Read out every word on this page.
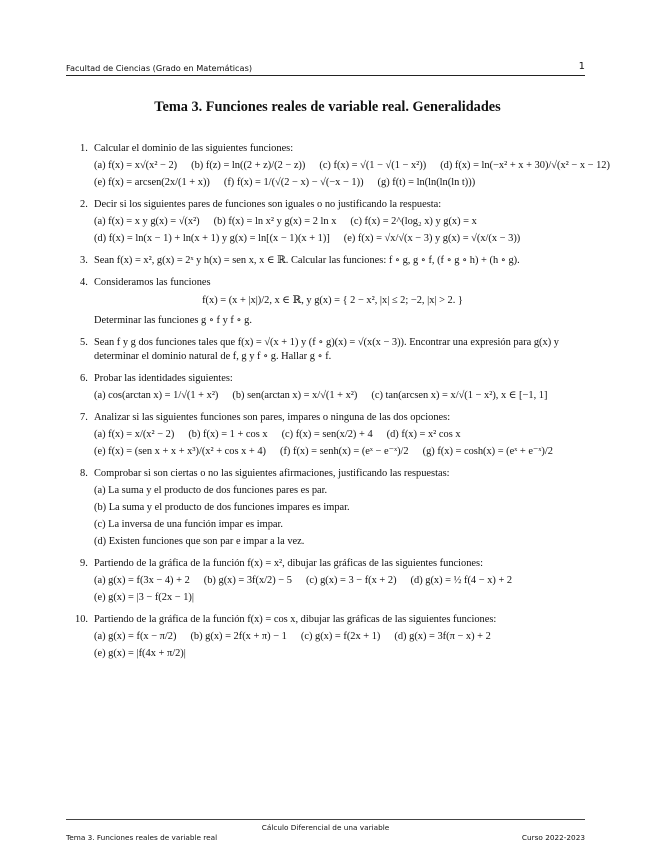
Facultad de Ciencias (Grado en Matemáticas)	1
Tema 3. Funciones reales de variable real. Generalidades
1. Calcular el dominio de las siguientes funciones:
(a) f(x) = x√(x² − 2) (b) f(z) = ln((2 + z)/(2 − z)) (c) f(x) = √(1 − √(1 − x²)) (d) f(x) = ln(−x² + x + 30)/√(x² − x − 12)
(e) f(x) = arcsen(2x/(1 + x)) (f) f(x) = 1/(√(2 − x) − √(−x − 1)) (g) f(t) = ln(ln(ln(ln t)))
2. Decir si los siguientes pares de funciones son iguales o no justificando la respuesta:
(a) f(x) = x y g(x) = √(x²) (b) f(x) = ln x² y g(x) = 2 ln x (c) f(x) = 2^(log₂ x) y g(x) = x
(d) f(x) = ln(x − 1) + ln(x + 1) y g(x) = ln[(x − 1)(x + 1)] (e) f(x) = √x/√(x − 3) y g(x) = √(x/(x − 3))
3. Sean f(x) = x², g(x) = 2ˣ y h(x) = sen x, x ∈ ℝ. Calcular las funciones: f ∘ g, g ∘ f, (f ∘ g ∘ h) + (h ∘ g).
4. Consideramos las funciones
f(x) = (x + |x|)/2, x ∈ ℝ, y g(x) = { 2 − x², |x| ≤ 2; −2, |x| > 2. }
Determinar las funciones g ∘ f y f ∘ g.
5. Sean f y g dos funciones tales que f(x) = √(x + 1) y (f ∘ g)(x) = √(x(x − 3)). Encontrar una expresión para g(x) y determinar el dominio natural de f, g y f ∘ g. Hallar g ∘ f.
6. Probar las identidades siguientes:
(a) cos(arctan x) = 1/√(1 + x²) (b) sen(arctan x) = x/√(1 + x²) (c) tan(arcsen x) = x/√(1 − x²), x ∈ [−1, 1]
7. Analizar si las siguientes funciones son pares, impares o ninguna de las dos opciones:
(a) f(x) = x/(x² − 2) (b) f(x) = 1 + cos x (c) f(x) = sen(x/2) + 4 (d) f(x) = x² cos x
(e) f(x) = (sen x + x + x³)/(x² + cos x + 4) (f) f(x) = senh(x) = (eˣ − e⁻ˣ)/2 (g) f(x) = cosh(x) = (eˣ + e⁻ˣ)/2
8. Comprobar si son ciertas o no las siguientes afirmaciones, justificando las respuestas:
(a) La suma y el producto de dos funciones pares es par.
(b) La suma y el producto de dos funciones impares es impar.
(c) La inversa de una función impar es impar.
(d) Existen funciones que son par e impar a la vez.
9. Partiendo de la gráfica de la función f(x) = x², dibujar las gráficas de las siguientes funciones:
(a) g(x) = f(3x − 4) + 2 (b) g(x) = 3f(x/2) − 5 (c) g(x) = 3 − f(x + 2) (d) g(x) = ½ f(4 − x) + 2
(e) g(x) = |3 − f(2x − 1)|
10. Partiendo de la gráfica de la función f(x) = cos x, dibujar las gráficas de las siguientes funciones:
(a) g(x) = f(x − π/2) (b) g(x) = 2f(x + π) − 1 (c) g(x) = f(2x + 1) (d) g(x) = 3f(π − x) + 2
(e) g(x) = |f(4x + π/2)|
Cálculo Diferencial de una variable
Tema 3. Funciones reales de variable real	Curso 2022-2023
